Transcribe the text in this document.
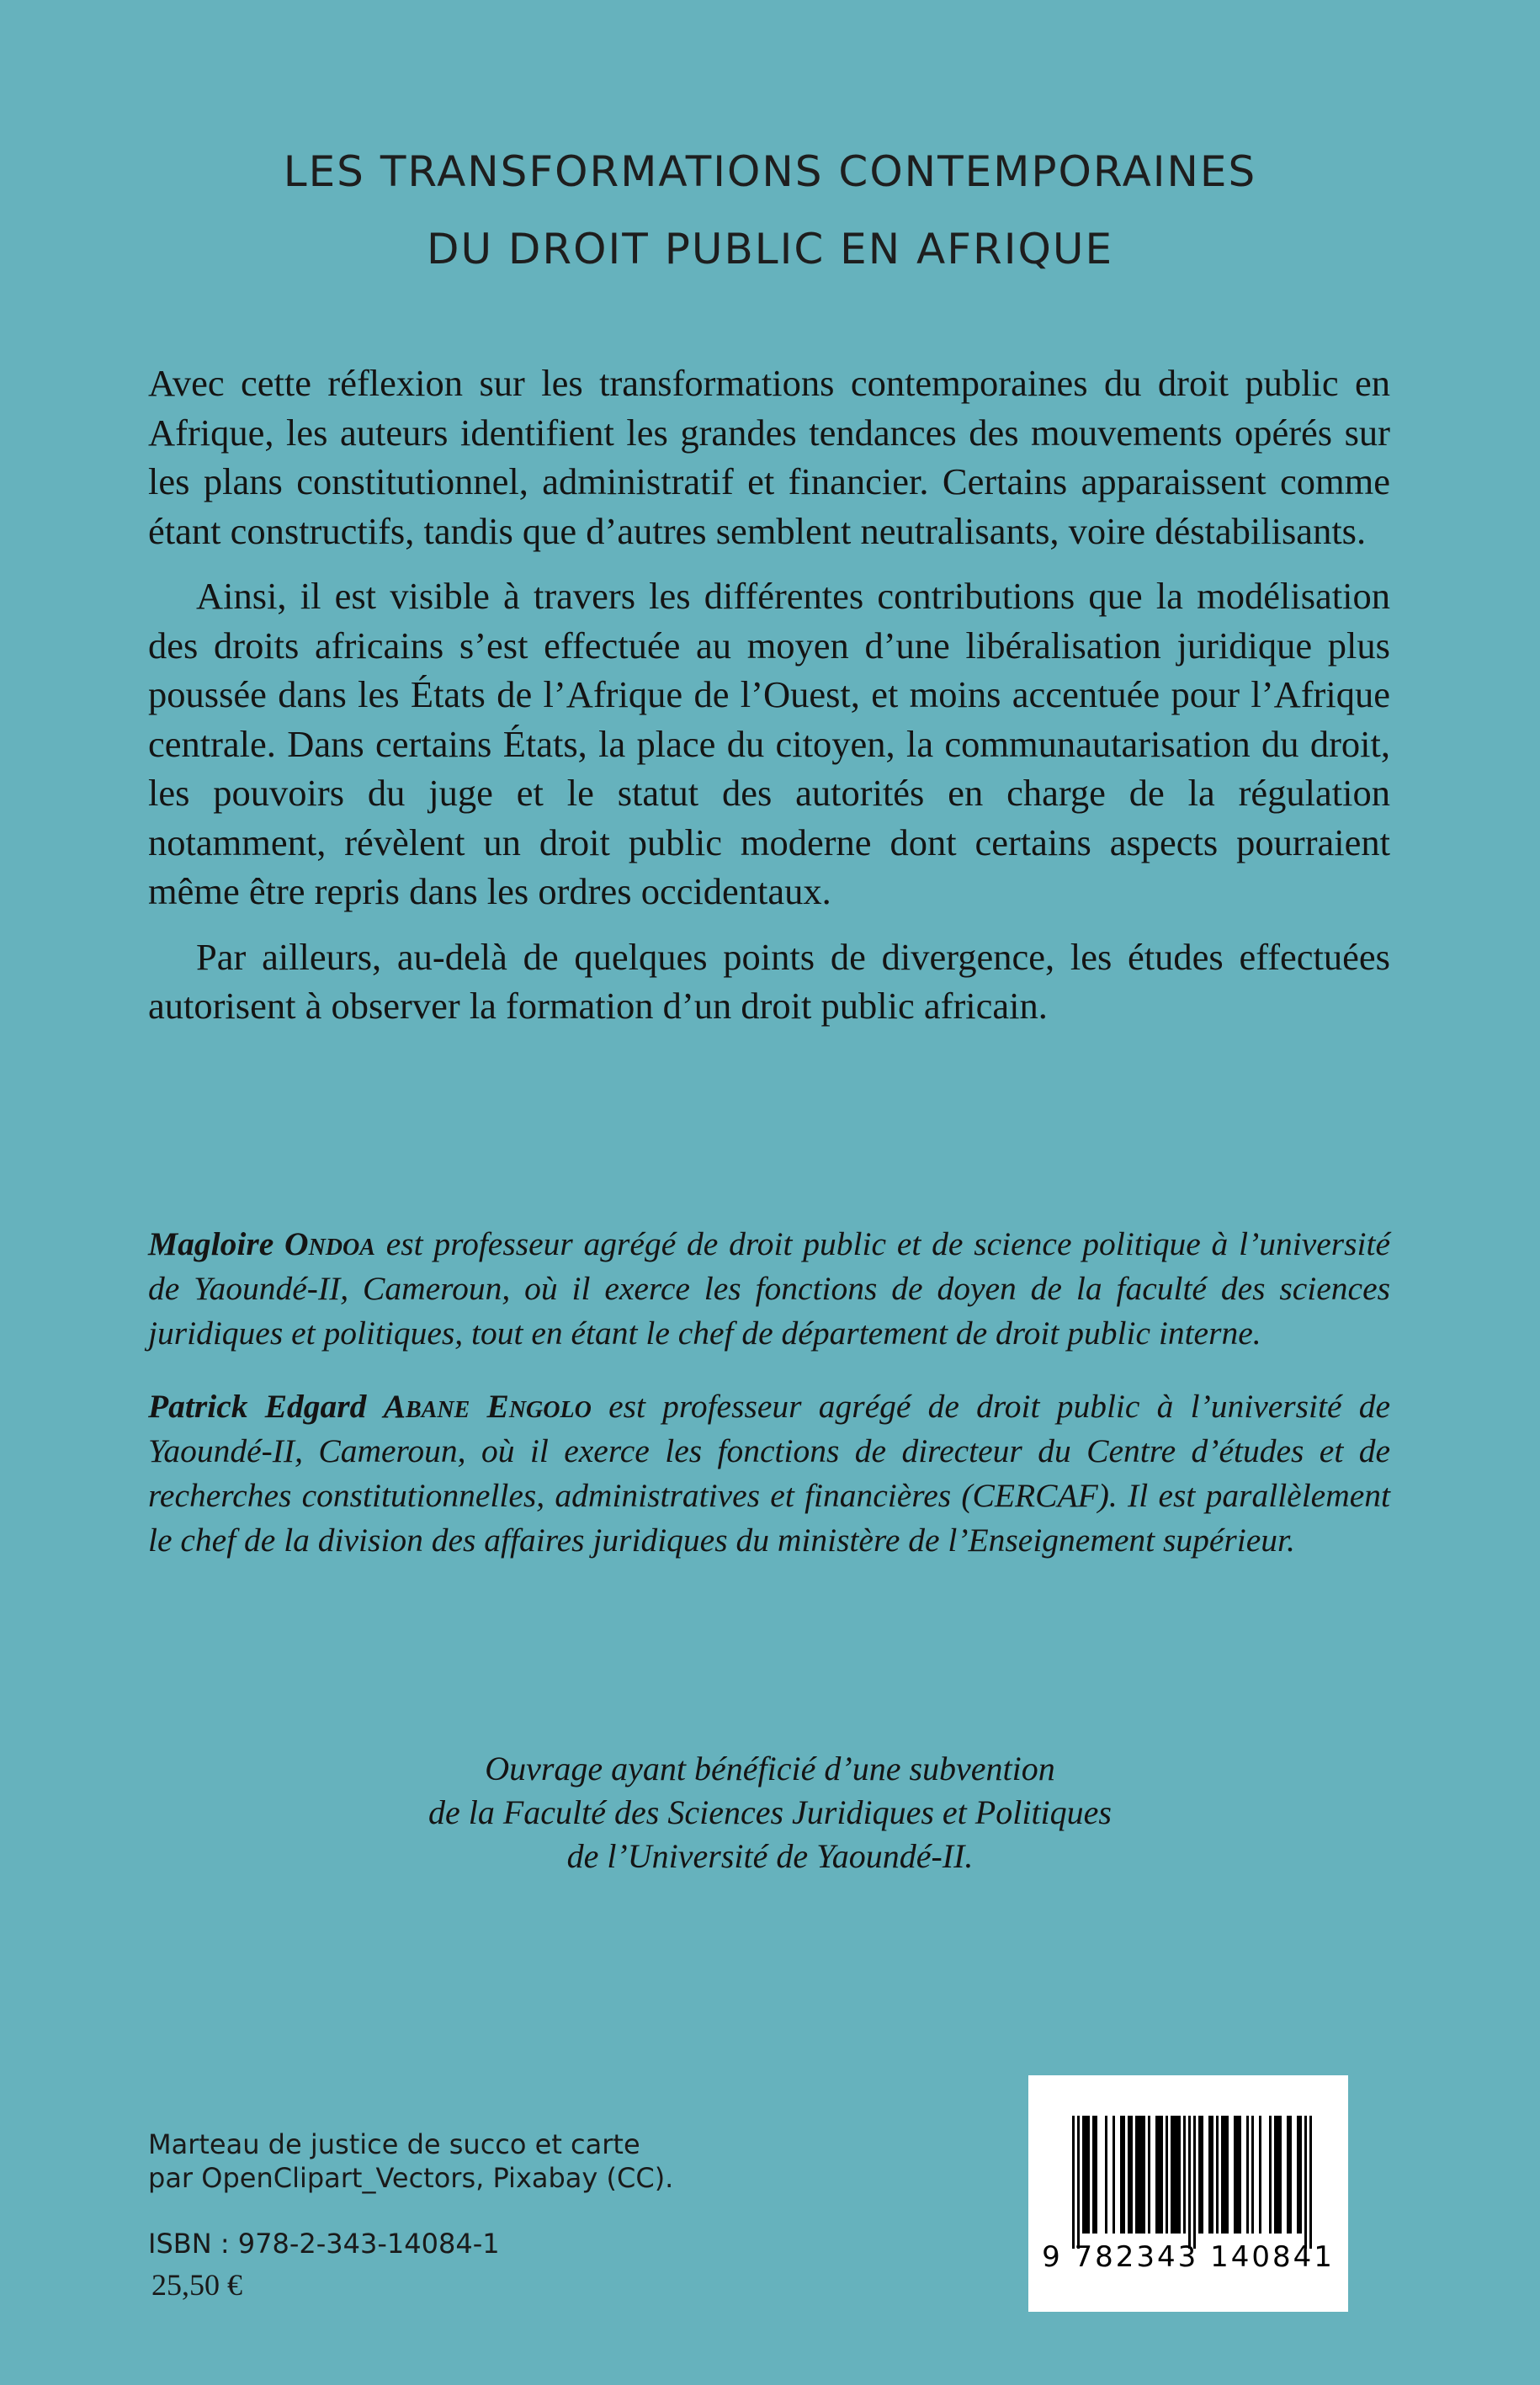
LES TRANSFORMATIONS CONTEMPORAINES
DU DROIT PUBLIC EN AFRIQUE

Avec cette réflexion sur les transformations contemporaines du droit public en Afrique, les auteurs identifient les grandes tendances des mouvements opérés sur les plans constitutionnel, administratif et financier. Certains apparaissent comme étant constructifs, tandis que d’autres semblent neutralisants, voire déstabilisants.

Ainsi, il est visible à travers les différentes contributions que la modélisation des droits africains s’est effectuée au moyen d’une libéralisation juridique plus poussée dans les États de l’Afrique de l’Ouest, et moins accentuée pour l’Afrique centrale. Dans certains États, la place du citoyen, la communautarisation du droit, les pouvoirs du juge et le statut des autorités en charge de la régulation notamment, révèlent un droit public moderne dont certains aspects pourraient même être repris dans les ordres occidentaux.

Par ailleurs, au-delà de quelques points de divergence, les études effectuées autorisent à observer la formation d’un droit public africain.

Magloire Ondoa est professeur agrégé de droit public et de science politique à l’université de Yaoundé-II, Cameroun, où il exerce les fonctions de doyen de la faculté des sciences juridiques et politiques, tout en étant le chef de département de droit public interne.

Patrick Edgard Abane Engolo est professeur agrégé de droit public à l’université de Yaoundé-II, Cameroun, où il exerce les fonctions de directeur du Centre d’études et de recherches constitutionnelles, administratives et financières (CERCAF). Il est parallèlement le chef de la division des affaires juridiques du ministère de l’Enseignement supérieur.

Ouvrage ayant bénéficié d’une subvention
de la Faculté des Sciences Juridiques et Politiques
de l’Université de Yaoundé-II.
Marteau de justice de succo et carte
par OpenClipart_Vectors, Pixabay (CC).
ISBN : 978-2-343-14084-1
25,50 €
9 782343 140841
